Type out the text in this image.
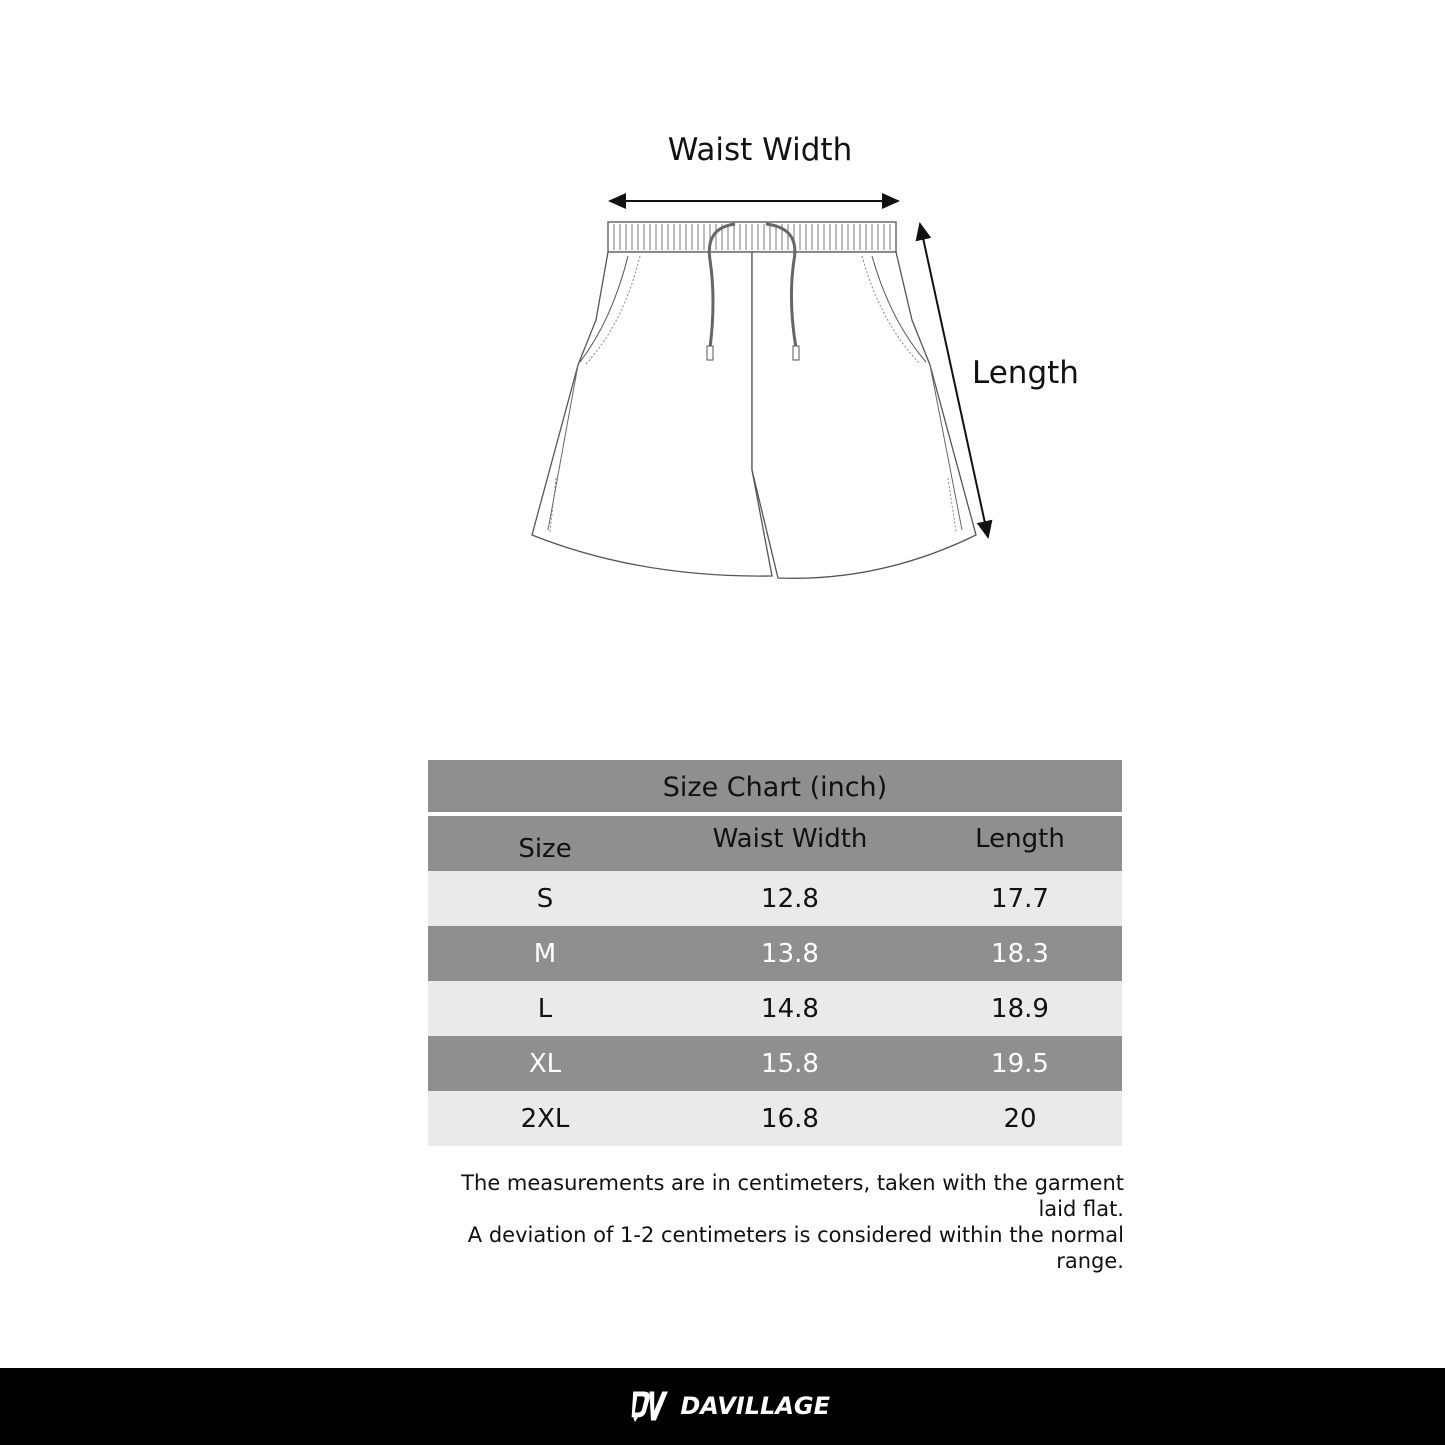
Waist Width
Length
Size Chart (inch)
Size	Waist Width	Length
S	12.8	17.7
M	13.8	18.3
L	14.8	18.9
XL	15.8	19.5
2XL	16.8	20
The measurements are in centimeters, taken with the garment laid flat.
A deviation of 1-2 centimeters is considered within the normal range.
DAVILLAGE
